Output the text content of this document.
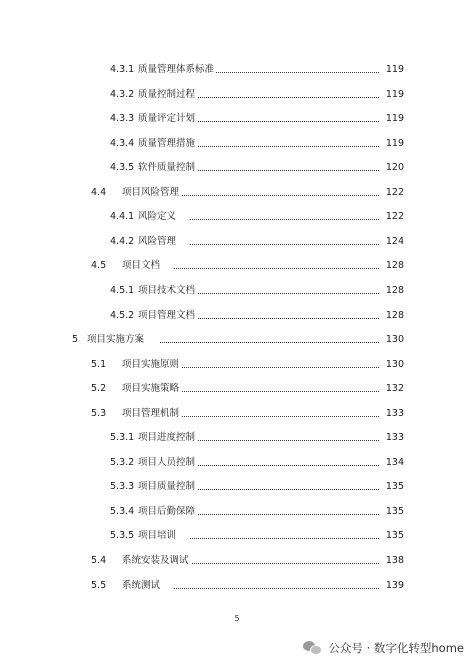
4.3.1 质量管理体系标准	119
4.3.2 质量控制过程	119
4.3.3 质量评定计划	119
4.3.4 质量管理措施	119
4.3.5 软件质量控制	120
4.4 项目风险管理	122
4.4.1 风险定义	122
4.4.2 风险管理	124
4.5 项目文档	128
4.5.1 项目技术文档	128
4.5.2 项目管理文档	128
5 项目实施方案	130
5.1 项目实施原则	130
5.2 项目实施策略	132
5.3 项目管理机制	133
5.3.1 项目进度控制	133
5.3.2 项目人员控制	134
5.3.3 项目质量控制	135
5.3.4 项目后勤保障	135
5.3.5 项目培训	135
5.4 系统安装及调试	138
5.5 系统测试	139
5
公众号 · 数字化转型home
